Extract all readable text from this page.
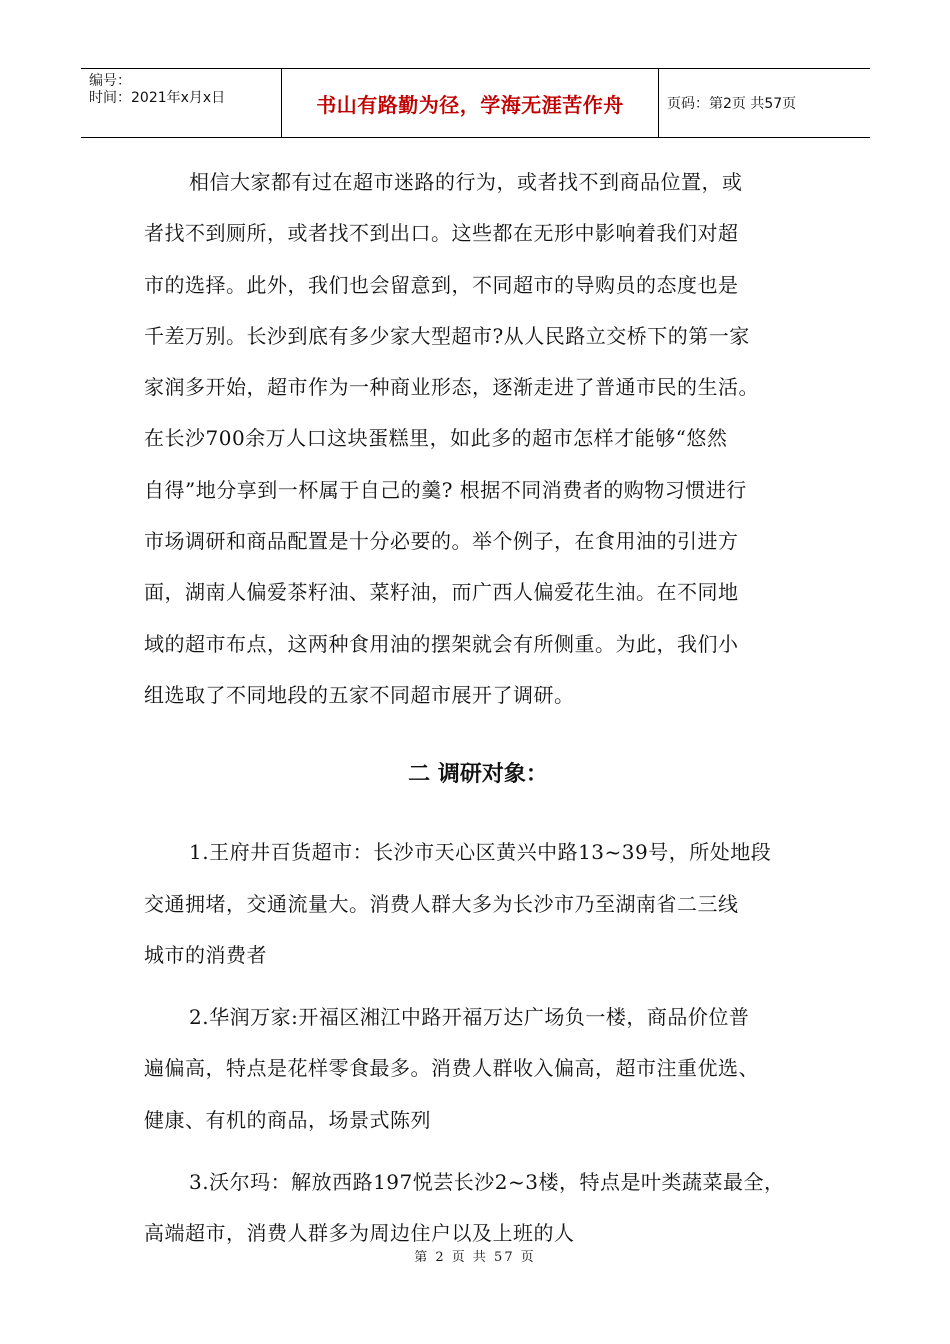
编号：
时间：2021年x月x日	书山有路勤为径，学海无涯苦作舟	页码：第2页 共57页
相信大家都有过在超市迷路的行为，或者找不到商品位置，或
者找不到厕所，或者找不到出口。这些都在无形中影响着我们对超
市的选择。此外，我们也会留意到，不同超市的导购员的态度也是
千差万别。长沙到底有多少家大型超市?从人民路立交桥下的第一家
家润多开始，超市作为一种商业形态，逐渐走进了普通市民的生活。
在长沙700余万人口这块蛋糕里，如此多的超市怎样才能够“悠然
自得”地分享到一杯属于自己的羹? 根据不同消费者的购物习惯进行
市场调研和商品配置是十分必要的。举个例子，在食用油的引进方
面，湖南人偏爱茶籽油、菜籽油，而广西人偏爱花生油。在不同地
域的超市布点，这两种食用油的摆架就会有所侧重。为此，我们小
组选取了不同地段的五家不同超市展开了调研。
二 调研对象：
1.王府井百货超市：长沙市天心区黄兴中路13~39号，所处地段
交通拥堵，交通流量大。消费人群大多为长沙市乃至湖南省二三线
城市的消费者
2.华润万家:开福区湘江中路开福万达广场负一楼，商品价位普
遍偏高，特点是花样零食最多。消费人群收入偏高，超市注重优选、
健康、有机的商品，场景式陈列
3.沃尔玛：解放西路197悦芸长沙2~3楼，特点是叶类蔬菜最全，
高端超市，消费人群多为周边住户以及上班的人
第 2 页 共 57 页
